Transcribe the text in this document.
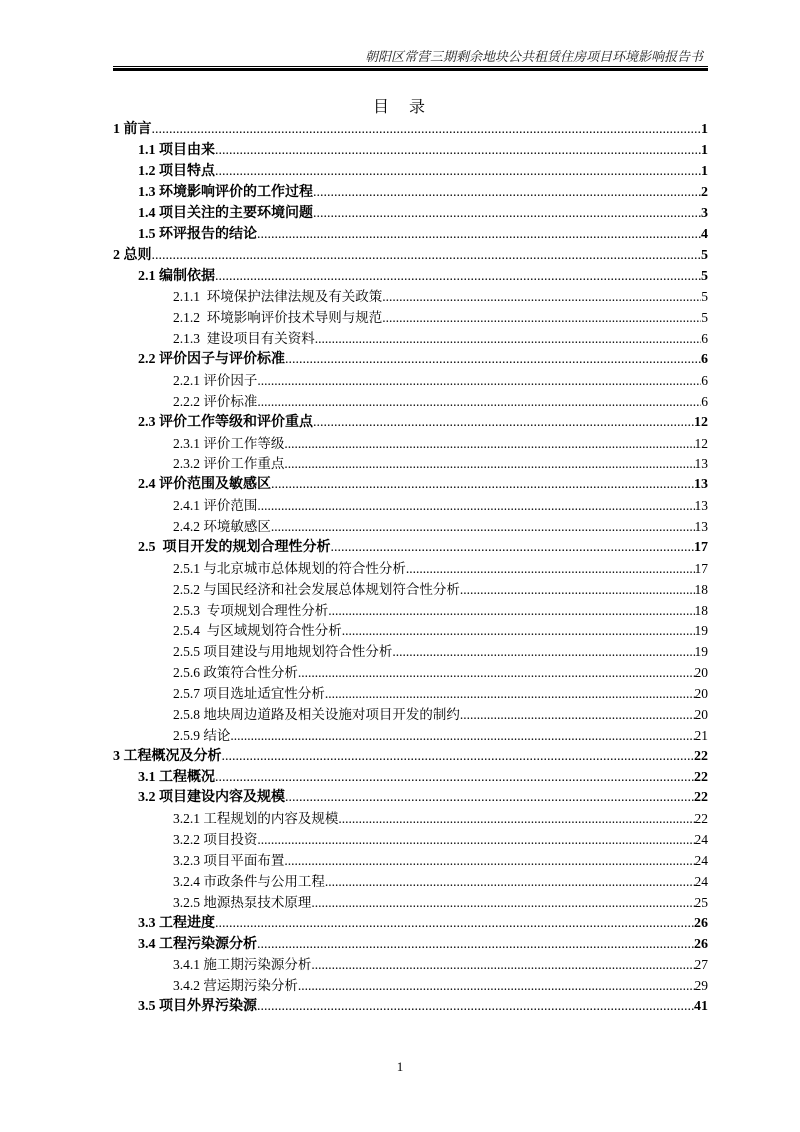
朝阳区常营三期剩余地块公共租赁住房项目环境影响报告书
目　录
1 前言 .....	1
1.1 项目由来 .....	1
1.2 项目特点 .....	1
1.3 环境影响评价的工作过程 .....	2
1.4 项目关注的主要环境问题 .....	3
1.5 环评报告的结论 .....	4
2 总则 .....	5
2.1 编制依据 .....	5
2.1.1  环境保护法律法规及有关政策 .....	5
2.1.2  环境影响评价技术导则与规范 .....	5
2.1.3  建设项目有关资料 .....	6
2.2 评价因子与评价标准 .....	6
2.2.1 评价因子 .....	6
2.2.2 评价标准 .....	6
2.3 评价工作等级和评价重点 .....	12
2.3.1 评价工作等级 .....	12
2.3.2 评价工作重点 .....	13
2.4 评价范围及敏感区 .....	13
2.4.1 评价范围 .....	13
2.4.2 环境敏感区 .....	13
2.5  项目开发的规划合理性分析 .....	17
2.5.1 与北京城市总体规划的符合性分析 .....	17
2.5.2 与国民经济和社会发展总体规划符合性分析 .....	18
2.5.3  专项规划合理性分析 .....	18
2.5.4  与区域规划符合性分析 .....	19
2.5.5 项目建设与用地规划符合性分析 .....	19
2.5.6 政策符合性分析 .....	20
2.5.7 项目选址适宜性分析 .....	20
2.5.8 地块周边道路及相关设施对项目开发的制约 .....	20
2.5.9 结论 .....	21
3 工程概况及分析 .....	22
3.1 工程概况 .....	22
3.2 项目建设内容及规模 .....	22
3.2.1 工程规划的内容及规模 .....	22
3.2.2 项目投资 .....	24
3.2.3 项目平面布置 .....	24
3.2.4 市政条件与公用工程 .....	24
3.2.5 地源热泵技术原理 .....	25
3.3 工程进度 .....	26
3.4 工程污染源分析 .....	26
3.4.1 施工期污染源分析 .....	27
3.4.2 营运期污染分析 .....	29
3.5 项目外界污染源 .....	41
1
